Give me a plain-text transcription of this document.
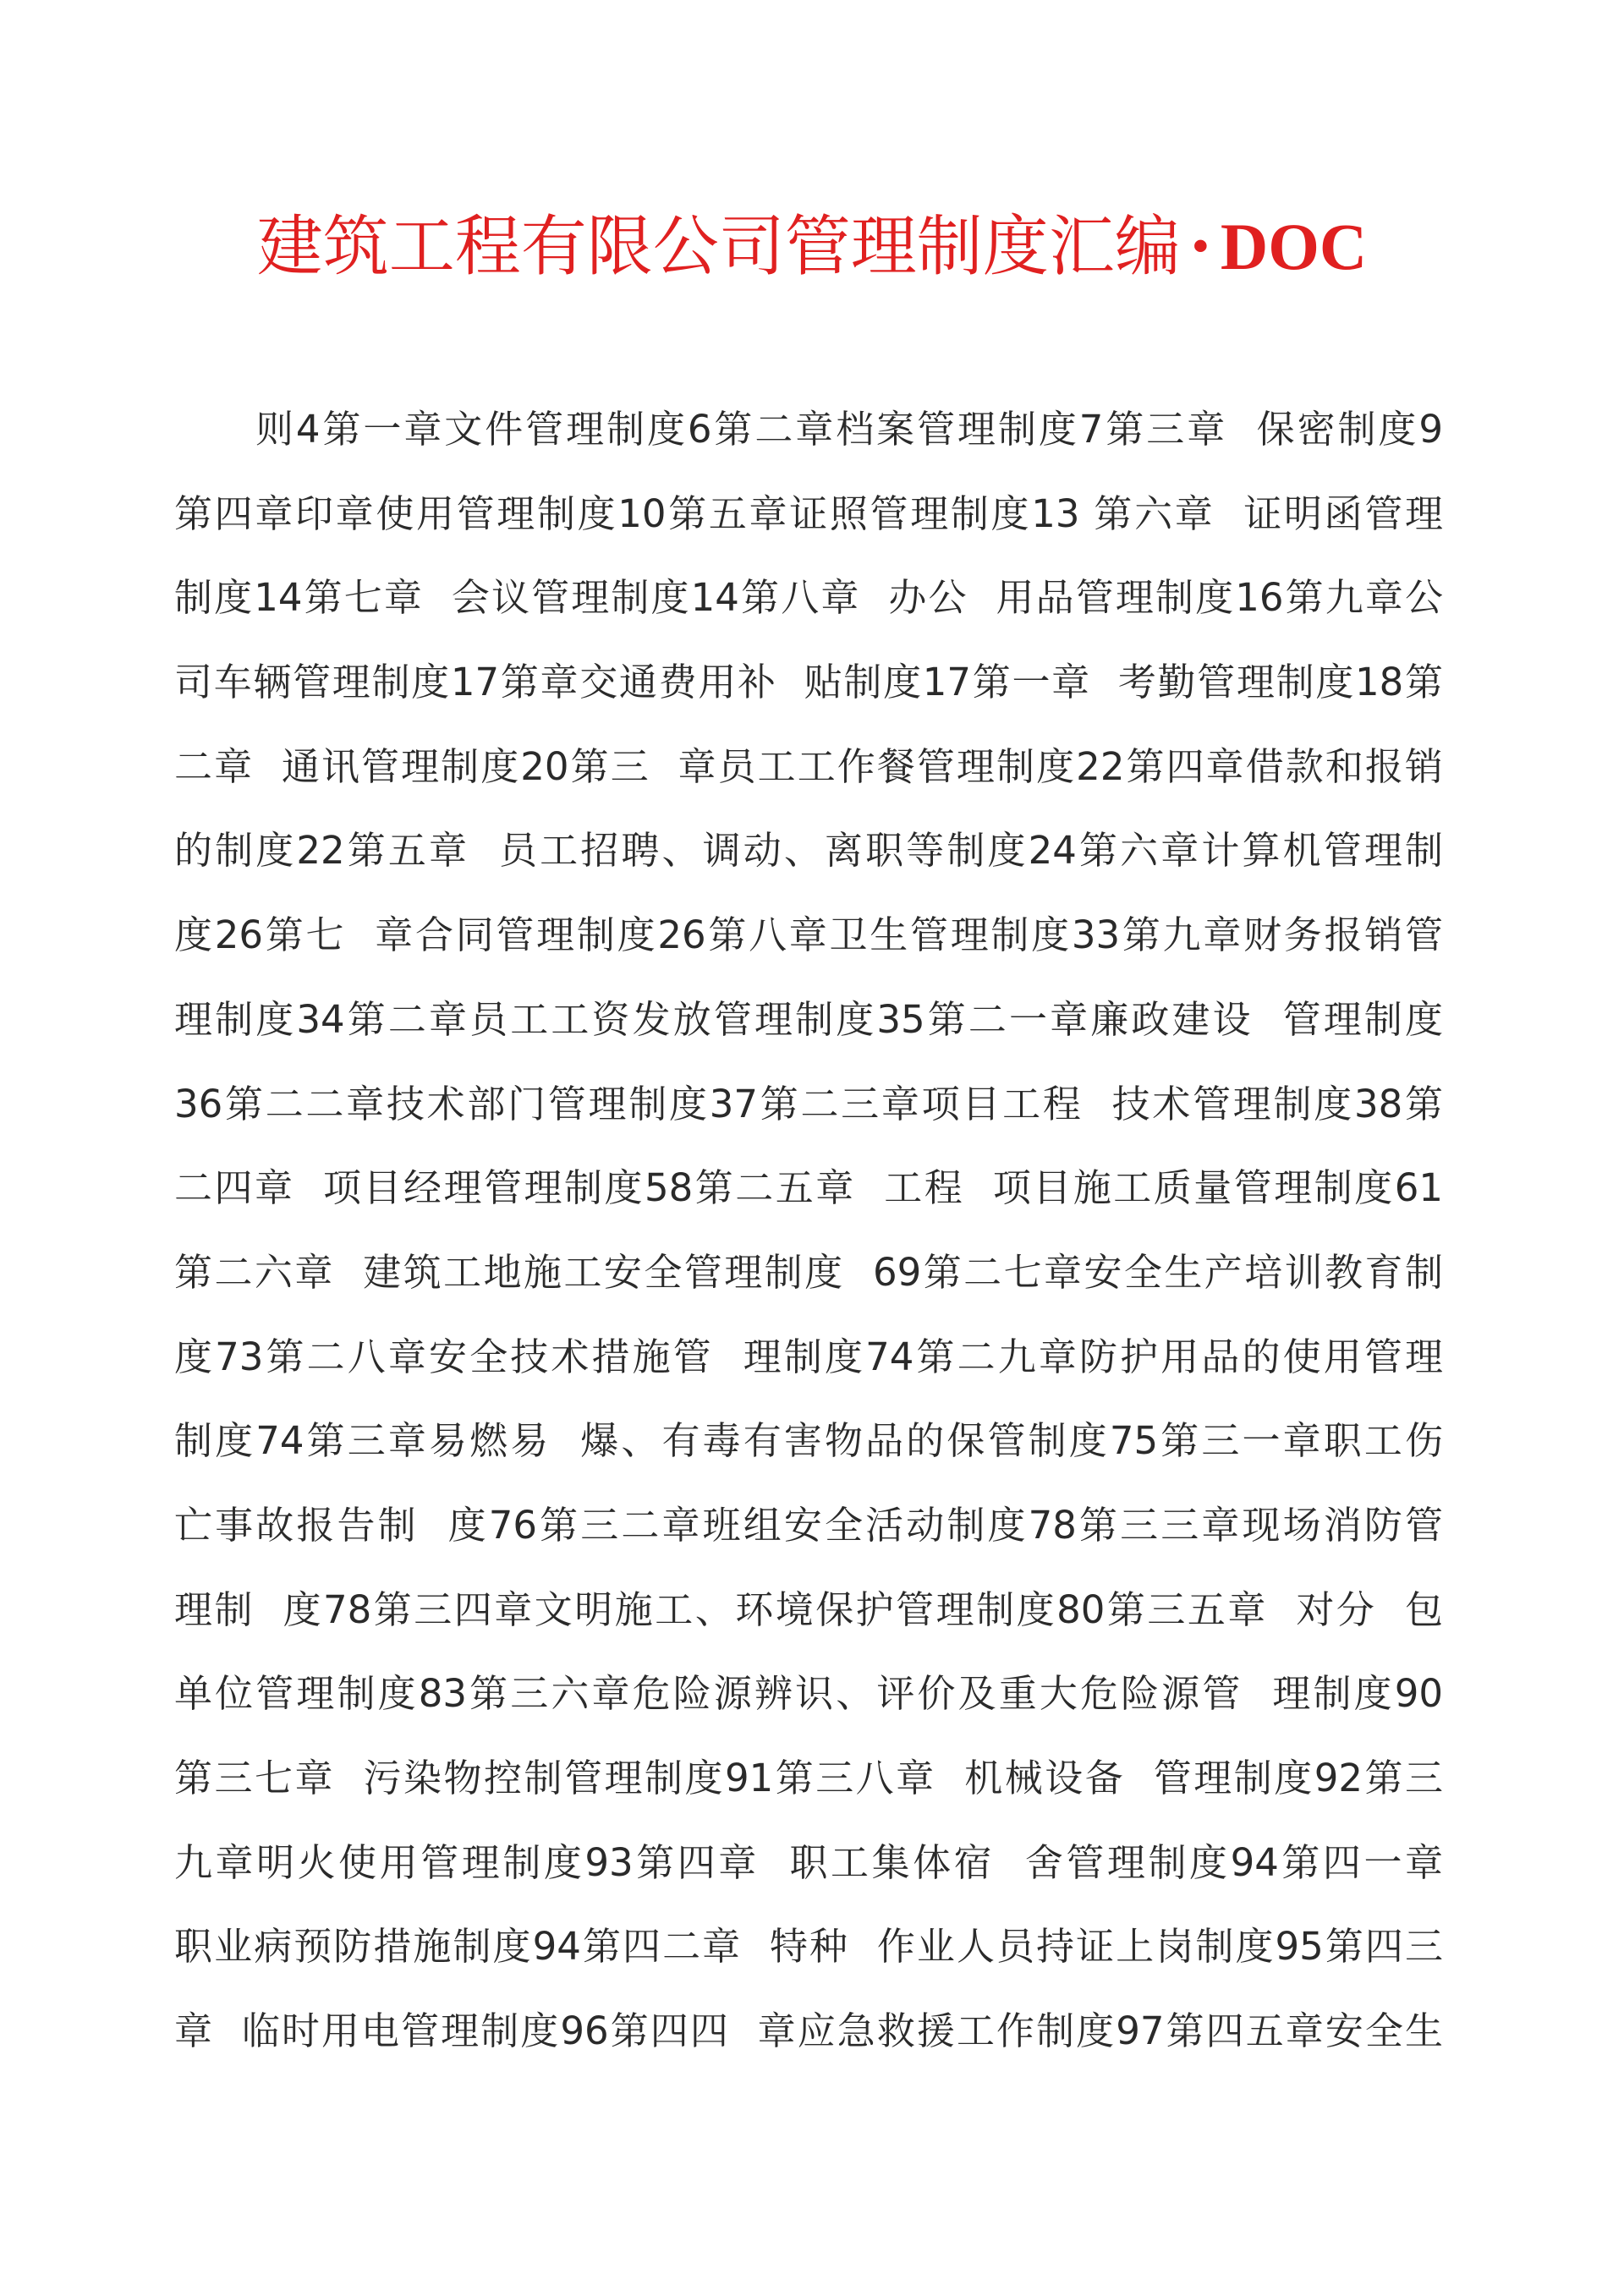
建筑工程有限公司管理制度汇编 · DOC
则4第一章文件管理制度6第二章档案管理制度7第三章  保密制度9
第四章印章使用管理制度10第五章证照管理制度13 第六章  证明函管理
制度14第七章  会议管理制度14第八章  办公  用品管理制度16第九章公
司车辆管理制度17第章交通费用补  贴制度17第一章  考勤管理制度18第
二章  通讯管理制度20第三  章员工工作餐管理制度22第四章借款和报销
的制度22第五章  员工招聘、调动、离职等制度24第六章计算机管理制
度26第七  章合同管理制度26第八章卫生管理制度33第九章财务报销管
理制度34第二章员工工资发放管理制度35第二一章廉政建设  管理制度
36第二二章技术部门管理制度37第二三章项目工程  技术管理制度38第
二四章  项目经理管理制度58第二五章  工程  项目施工质量管理制度61
第二六章  建筑工地施工安全管理制度  69第二七章安全生产培训教育制
度73第二八章安全技术措施管  理制度74第二九章防护用品的使用管理
制度74第三章易燃易  爆、有毒有害物品的保管制度75第三一章职工伤
亡事故报告制  度76第三二章班组安全活动制度78第三三章现场消防管
理制  度78第三四章文明施工、环境保护管理制度80第三五章  对分  包
单位管理制度83第三六章危险源辨识、评价及重大危险源管  理制度90
第三七章  污染物控制管理制度91第三八章  机械设备  管理制度92第三
九章明火使用管理制度93第四章  职工集体宿  舍管理制度94第四一章
职业病预防措施制度94第四二章  特种  作业人员持证上岗制度95第四三
章  临时用电管理制度96第四四  章应急救援工作制度97第四五章安全生
